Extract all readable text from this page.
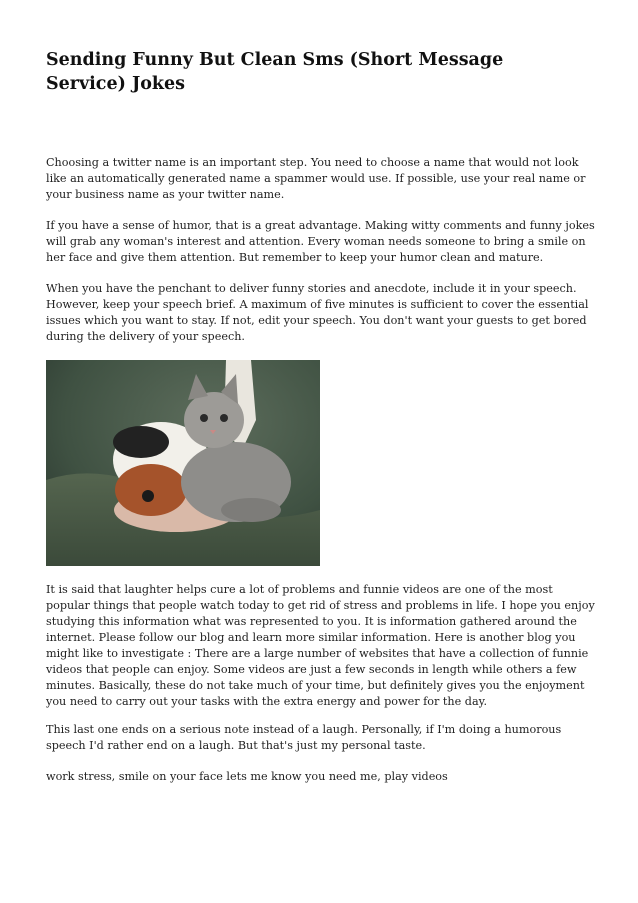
Sending Funny But Clean Sms (Short Message Service) Jokes

Choosing a twitter name is an important step. You need to choose a name that would not look like an automatically generated name a spammer would use. If possible, use your real name or your business name as your twitter name.

If you have a sense of humor, that is a great advantage. Making witty comments and funny jokes will grab any woman's interest and attention. Every woman needs someone to bring a smile on her face and give them attention. But remember to keep your humor clean and mature.

When you have the penchant to deliver funny stories and anecdote, include it in your speech. However, keep your speech brief. A maximum of five minutes is sufficient to cover the essential issues which you want to stay. If not, edit your speech. You don't want your guests to get bored during the delivery of your speech.

It is said that laughter helps cure a lot of problems and funnie videos are one of the most popular things that people watch today to get rid of stress and problems in life. I hope you enjoy studying this information what was represented to you. It is information gathered around the internet. Please follow our blog and learn more similar information. Here is another blog you might like to investigate : There are a large number of websites that have a collection of funnie videos that people can enjoy. Some videos are just a few seconds in length while others a few minutes. Basically, these do not take much of your time, but definitely gives you the enjoyment you need to carry out your tasks with the extra energy and power for the day.

This last one ends on a serious note instead of a laugh. Personally, if I'm doing a humorous speech I'd rather end on a laugh. But that's just my personal taste.

work stress, smile on your face lets me know you need me, play videos
